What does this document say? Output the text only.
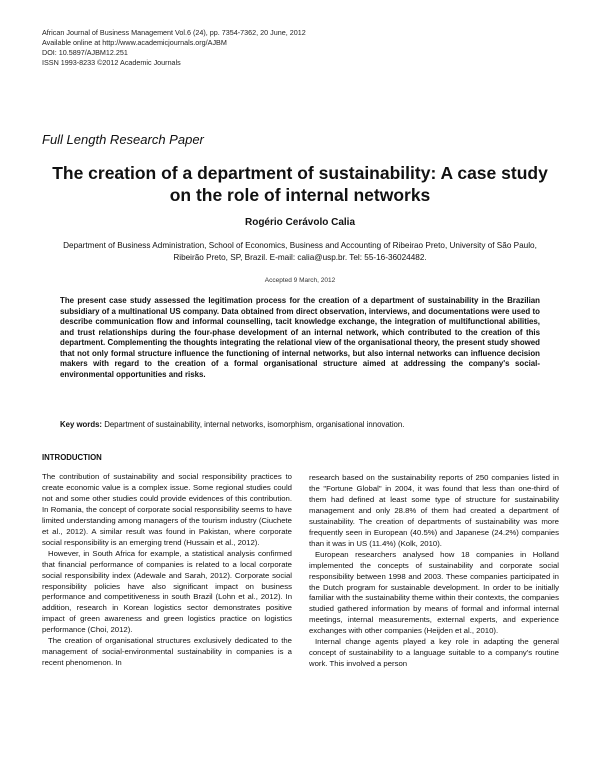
African Journal of Business Management Vol.6 (24), pp. 7354-7362, 20 June, 2012
Available online at http://www.academicjournals.org/AJBM
DOI: 10.5897/AJBM12.251
ISSN 1993-8233 ©2012 Academic Journals
Full Length Research Paper
The creation of a department of sustainability: A case study on the role of internal networks
Rogério Cerávolo Calia
Department of Business Administration, School of Economics, Business and Accounting of Ribeirao Preto, University of São Paulo, Ribeirão Preto, SP, Brazil. E-mail: calia@usp.br. Tel: 55-16-36024482.
Accepted 9 March, 2012
The present case study assessed the legitimation process for the creation of a department of sustainability in the Brazilian subsidiary of a multinational US company. Data obtained from direct observation, interviews, and documentations were used to describe communication flow and informal counselling, tacit knowledge exchange, the integration of multifunctional abilities, and trust relationships during the four-phase development of an internal network, which contributed to the creation of this department. Complementing the thoughts integrating the relational view of the organisational theory, the present study showed that not only formal structure influence the functioning of internal networks, but also internal networks can influence decision makers with regard to the creation of a formal organisational structure aimed at addressing the company's social-environmental opportunities and risks.
Key words: Department of sustainability, internal networks, isomorphism, organisational innovation.
INTRODUCTION

The contribution of sustainability and social responsibility practices to create economic value is a complex issue. Some regional studies could not and some other studies could provide evidences of this contribution. In Romania, the concept of corporate social responsibility seems to have limited understanding among managers of the tourism industry (Ciuchete et al., 2012). A similar result was found in Pakistan, where corporate social responsibility is an emerging trend (Hussain et al., 2012).

However, in South Africa for example, a statistical analysis confirmed that financial performance of companies is related to a local corporate social responsibility index (Adewale and Sarah, 2012). Corporate social responsibility policies have also significant impact on business performance and competitiveness in south Brazil (Lohn et al., 2012). In addition, research in Korean logistics sector demonstrates positive impact of green awareness and green logistics practice on logistics performance (Choi, 2012).

The creation of organisational structures exclusively dedicated to the management of social-environmental sustainability in companies is a recent phenomenon. In

research based on the sustainability reports of 250 companies listed in the "Fortune Global" in 2004, it was found that less than one-third of them had defined at least some type of structure for sustainability management and only 28.8% of them had created a department of sustainability. The creation of departments of sustainability was more frequently seen in European (40.5%) and Japanese (24.2%) companies than it was in US (11.4%) (Kolk, 2010).

European researchers analysed how 18 companies in Holland implemented the concepts of sustainability and corporate social responsibility between 1998 and 2003. These companies participated in the Dutch program for sustainable development. In order to be initially familiar with the sustainability theme within their contexts, the companies studied gathered information by means of formal and informal internal meetings, internal measurements, external experts, and experience exchanges with other companies (Heijden et al., 2010).

Internal change agents played a key role in adapting the general concept of sustainability to a language suitable to a company's routine work. This involved a person
